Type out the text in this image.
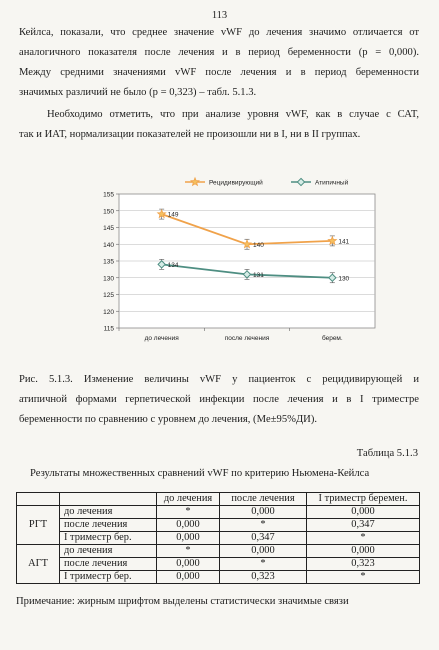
113
Кейлса, показали, что среднее значение vWF до лечения значимо отличается от
аналогичного показателя после лечения и в период беременности (р = 0,000).
Между средними значениями vWF после лечения и в период беременности
значимых различий не было (р = 0,323) – табл. 5.1.3.
Необходимо отметить, что при анализе уровня vWF, как в случае с САТ,
так и ИАТ, нормализации показателей не произошли ни в I, ни в II группах.
115
120
125
130
135
140
145
150
155
до лечения	после лечения	берем.
Рецидивирующий	Атипичный
149
140	141
134
131	130
Рис. 5.1.3. Изменение величины vWF у пациенток с рецидивирующей и
атипичной формами герпетической инфекции после лечения и в I триместре
беременности по сравнению с уровнем до лечения, (Me±95%ДИ).
Таблица 5.1.3
Результаты множественных сравнений vWF по критерию Ньюмена-Кейлса
		до лечения	после лечения	I триместр беремен.
РГТ	до лечения	*	0,000	0,000
	после лечения	0,000	*	0,347
	I триместр бер.	0,000	0,347	*
АГТ	до лечения	*	0,000	0,000
	после лечения	0,000	*	0,323
	I триместр бер.	0,000	0,323	*
Примечание: жирным шрифтом выделены статистически значимые связи
